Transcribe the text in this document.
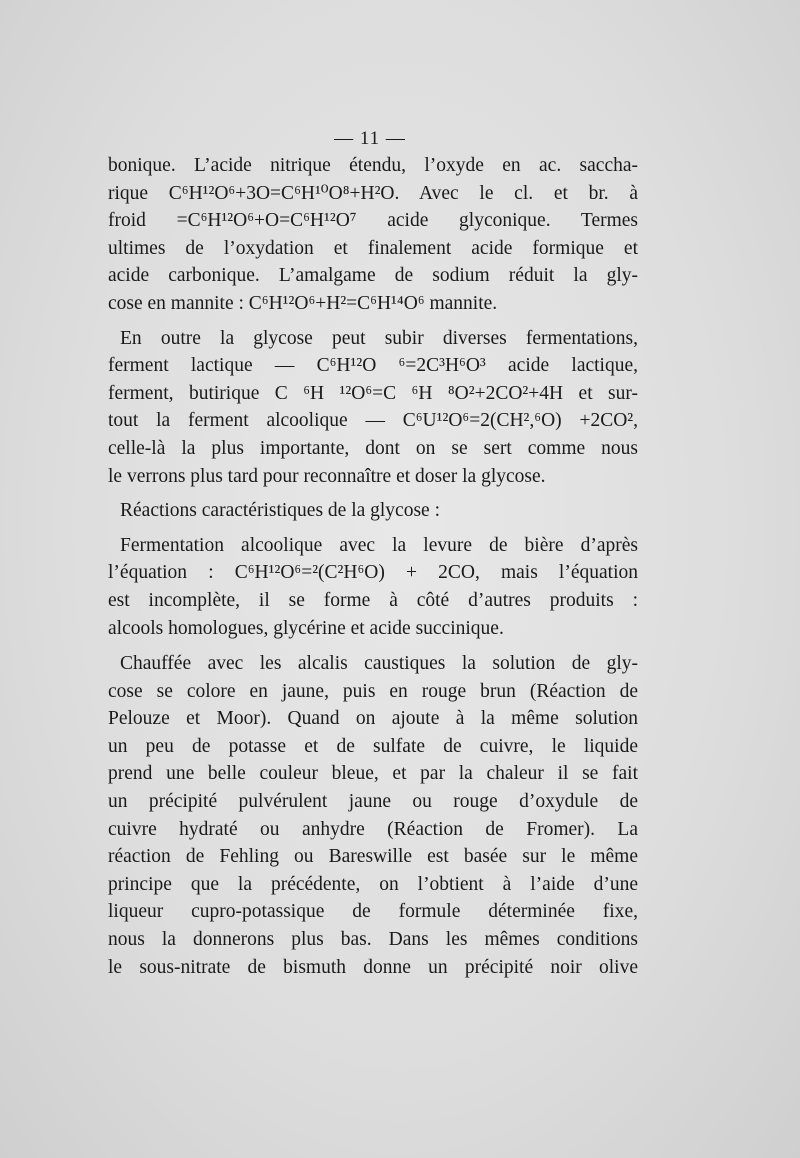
— 11 —
bonique. L’acide nitrique étendu, l’oxyde en ac. saccha-
rique C⁶H¹²O⁶+3O=C⁶H¹⁰O⁸+H²O. Avec le cl. et br. à
froid =C⁶H¹²O⁶+O=C⁶H¹²O⁷ acide glyconique. Termes
ultimes de l’oxydation et finalement acide formique et
acide carbonique. L’amalgame de sodium réduit la gly-
cose en mannite : C⁶H¹²O⁶+H²=C⁶H¹⁴O⁶ mannite.
En outre la glycose peut subir diverses fermentations,
ferment lactique — C⁶H¹²O ⁶=2C³H⁶O³ acide lactique,
ferment, butirique C ⁶H ¹²O⁶=C ⁶H ⁸O²+2CO²+4H et sur-
tout la ferment alcoolique — C⁶U¹²O⁶=2(CH²,⁶O) +2CO²,
celle-là la plus importante, dont on se sert comme nous
le verrons plus tard pour reconnaître et doser la glycose.
Réactions caractéristiques de la glycose :
Fermentation alcoolique avec la levure de bière d’après
l’équation : C⁶H¹²O⁶=²(C²H⁶O) + 2CO, mais l’équation
est incomplète, il se forme à côté d’autres produits :
alcools homologues, glycérine et acide succinique.
Chauffée avec les alcalis caustiques la solution de gly-
cose se colore en jaune, puis en rouge brun (Réaction de
Pelouze et Moor). Quand on ajoute à la même solution
un peu de potasse et de sulfate de cuivre, le liquide
prend une belle couleur bleue, et par la chaleur il se fait
un précipité pulvérulent jaune ou rouge d’oxydule de
cuivre hydraté ou anhydre (Réaction de Fromer). La
réaction de Fehling ou Bareswille est basée sur le même
principe que la précédente, on l’obtient à l’aide d’une
liqueur cupro-potassique de formule déterminée fixe,
nous la donnerons plus bas. Dans les mêmes conditions
le sous-nitrate de bismuth donne un précipité noir olive
